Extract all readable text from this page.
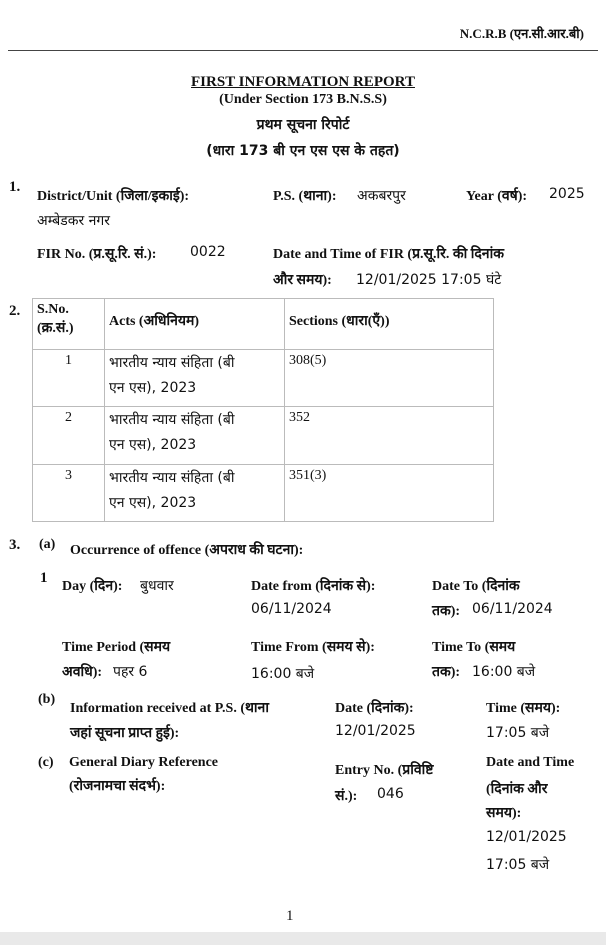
N.C.R.B (एन.सी.आर.बी)
FIRST INFORMATION REPORT
(Under Section 173 B.N.S.S)
प्रथम सूचना रिपोर्ट
(धारा 173 बी एन एस एस के तहत)
1.
District/Unit (जिला/इकाई):
अम्बेडकर नगर
P.S. (थाना): अकबरपुर	Year (वर्ष): 2025
FIR No. (प्र.सू.रि. सं.): 0022	Date and Time of FIR (प्र.सू.रि. की दिनांक
और समय): 12/01/2025 17:05 घंटे
2. S.No.
(क्र.सं.)	Acts (अधिनियम)	Sections (धारा(एँ))
1	भारतीय न्याय संहिता (बी
एन एस), 2023	308(5)
2	भारतीय न्याय संहिता (बी
एन एस), 2023	352
3	भारतीय न्याय संहिता (बी
एन एस), 2023	351(3)
3. (a) Occurrence of offence (अपराध की घटना):
1
Day (दिन): बुधवार	Date from (दिनांक से):
06/11/2024
Date To (दिनांक
तक): 06/11/2024
Time Period (समय
अवधि): पहर 6
Time From (समय से):
16:00 बजे
Time To (समय
तक): 16:00 बजे
(b)
Information received at P.S. (थाना
जहां सूचना प्राप्त हुई):
Date (दिनांक):
12/01/2025
Time (समय):
17:05 बजे
(c) General Diary Reference
(रोजनामचा संदर्भ):
Entry No. (प्रविष्टि
सं.): 046
Date and Time
(दिनांक और
समय):
12/01/2025
17:05 बजे
1
